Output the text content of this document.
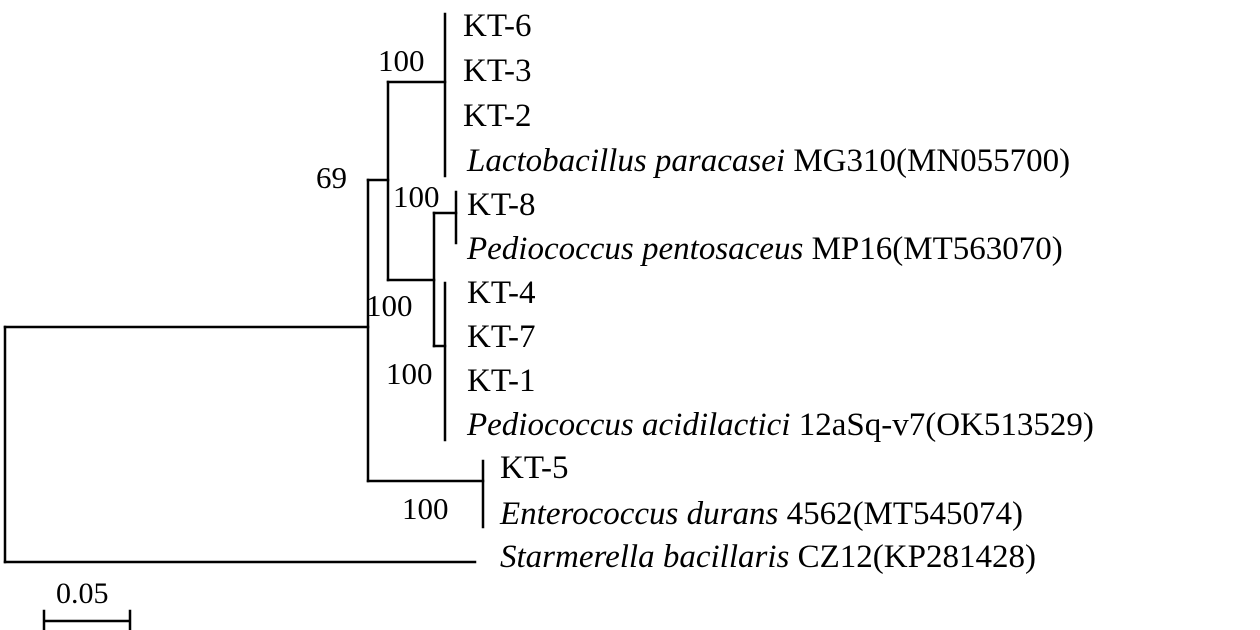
KT-6
KT-3
KT-2
Lactobacillus paracasei MG310(MN055700)
KT-8
Pediococcus pentosaceus MP16(MT563070)
KT-4
KT-7
KT-1
Pediococcus acidilactici 12aSq-v7(OK513529)
KT-5
Enterococcus durans 4562(MT545074)
Starmerella bacillaris CZ12(KP281428)
100
69
100
100
100
100
0.05
